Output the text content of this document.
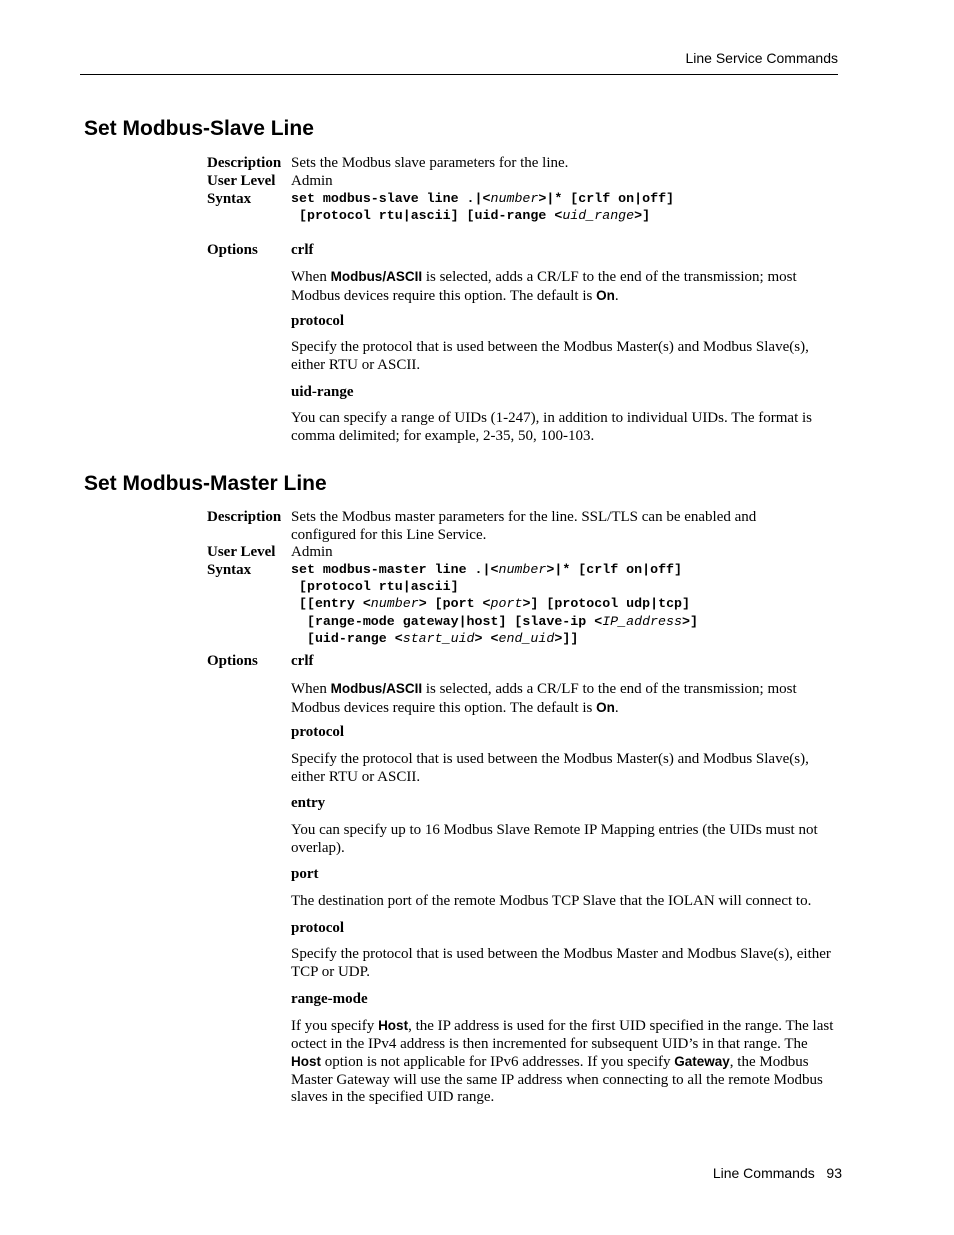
Line Service Commands
Set Modbus-Slave Line
Description Sets the Modbus slave parameters for the line.
User Level Admin
Syntax	set modbus-slave line .|<number>|* [crlf on|off]
[protocol rtu|ascii] [uid-range <uid_range>]
Options crlf
When Modbus/ASCII is selected, adds a CR/LF to the end of the transmission; most Modbus devices require this option. The default is On.
protocol
Specify the protocol that is used between the Modbus Master(s) and Modbus Slave(s), either RTU or ASCII.
uid-range
You can specify a range of UIDs (1-247), in addition to individual UIDs. The format is comma delimited; for example, 2-35, 50, 100-103.
Set Modbus-Master Line
Description Sets the Modbus master parameters for the line. SSL/TLS can be enabled and configured for this Line Service.
User Level Admin
Syntax	set modbus-master line .|<number>|* [crlf on|off]
[protocol rtu|ascii]
[[entry <number> [port <port>] [protocol udp|tcp]
[range-mode gateway|host] [slave-ip <IP_address>]
[uid-range <start_uid> <end_uid>]]
Options crlf
When Modbus/ASCII is selected, adds a CR/LF to the end of the transmission; most Modbus devices require this option. The default is On.
protocol
Specify the protocol that is used between the Modbus Master(s) and Modbus Slave(s), either RTU or ASCII.
entry
You can specify up to 16 Modbus Slave Remote IP Mapping entries (the UIDs must not overlap).
port
The destination port of the remote Modbus TCP Slave that the IOLAN will connect to.
protocol
Specify the protocol that is used between the Modbus Master and Modbus Slave(s), either TCP or UDP.
range-mode
If you specify Host, the IP address is used for the first UID specified in the range. The last octect in the IPv4 address is then incremented for subsequent UID’s in that range. The Host option is not applicable for IPv6 addresses. If you specify Gateway, the Modbus Master Gateway will use the same IP address when connecting to all the remote Modbus slaves in the specified UID range.
Line Commands 93
